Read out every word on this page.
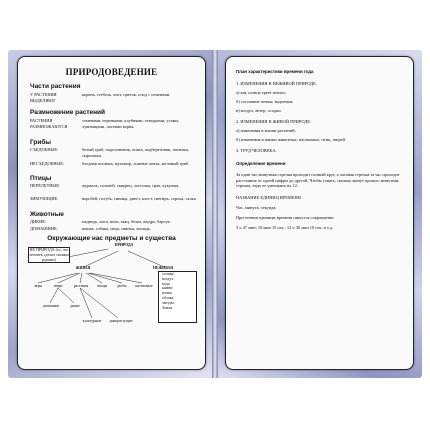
ПРИРОДОВЕДЕНИЕ
Части растения
У РАСТЕНИЯ ВЫДЕЛЯЮТ
корень, стебель, лист, цветок, плод с семенами.
Размножение растений
РАСТЕНИЯ РАЗМНОЖАЮТСЯ
семенами, черенками, клубнями, отводками, усами, луковицами, частями корня.
Грибы
СЪЕДОБНЫЕ:	белый гриб, подосиновик, опята, подберезовик, лисички, сыроежки.
НЕСЪЕДОБНЫЕ:	бледная поганка, мухомор, ложные опята, желчный гриб.
Птицы
ПЕРЕЛЕТНЫЕ:	журавль, соловей, скворец, ласточка, грач, кукушка.
ЗИМУЮЩИЕ:	воробей, голубь, синица, дятел, клест, снегирь, сорока, галка.
Животные
ДИКИЕ:	медведь, лиса, волк, заяц, белка, выдра, барсук.
ДОМАШНИЕ:	кошка, собака, овца, свинья, лошадь.
Окружающие нас предметы и существа
ПРИРОДА
НЕ ПРИРОДА (то, что человек сделал своими руками)
ЖИВАЯ	НЕЖИВАЯ
люди	звери	растения	птицы	рыбы	насекомые
домашние	дикие
культурные	дикорастущие
солнце
воздух
вода
камни
почва
облака
звезды
Земля
План характеристики времени года
1. ИЗМЕНЕНИЯ В НЕЖИВОЙ ПРИРОДЕ:
а) как солнце греет землю;
б) состояние почвы, водоемов;
в) воздух, ветер, осадки.
2. ИЗМЕНЕНИЯ В ЖИВОЙ ПРИРОДЕ:
а) изменения в жизни растений;
б) изменения в жизни животных: насекомых, птиц, зверей.
3. ТРУД ЧЕЛОВЕКА.
Определение времени
За один час минутная стрелка проходит полный круг, а часовая стрелка за час проходит расстояние от одной цифры до другой. Чтобы узнать, сколько минут прошло минутная стрелка, надо ее умножить на 12.
НАЗВАНИЕ ЕДИНИЦ ВРЕМЕНИ
Час, минута, секунда.
При чтении единицы времени пишутся сокращенно:
3 ч 47 мин; 10 мин 15 сек.; 12 ч 30 мин 10 сек. и т.д.
